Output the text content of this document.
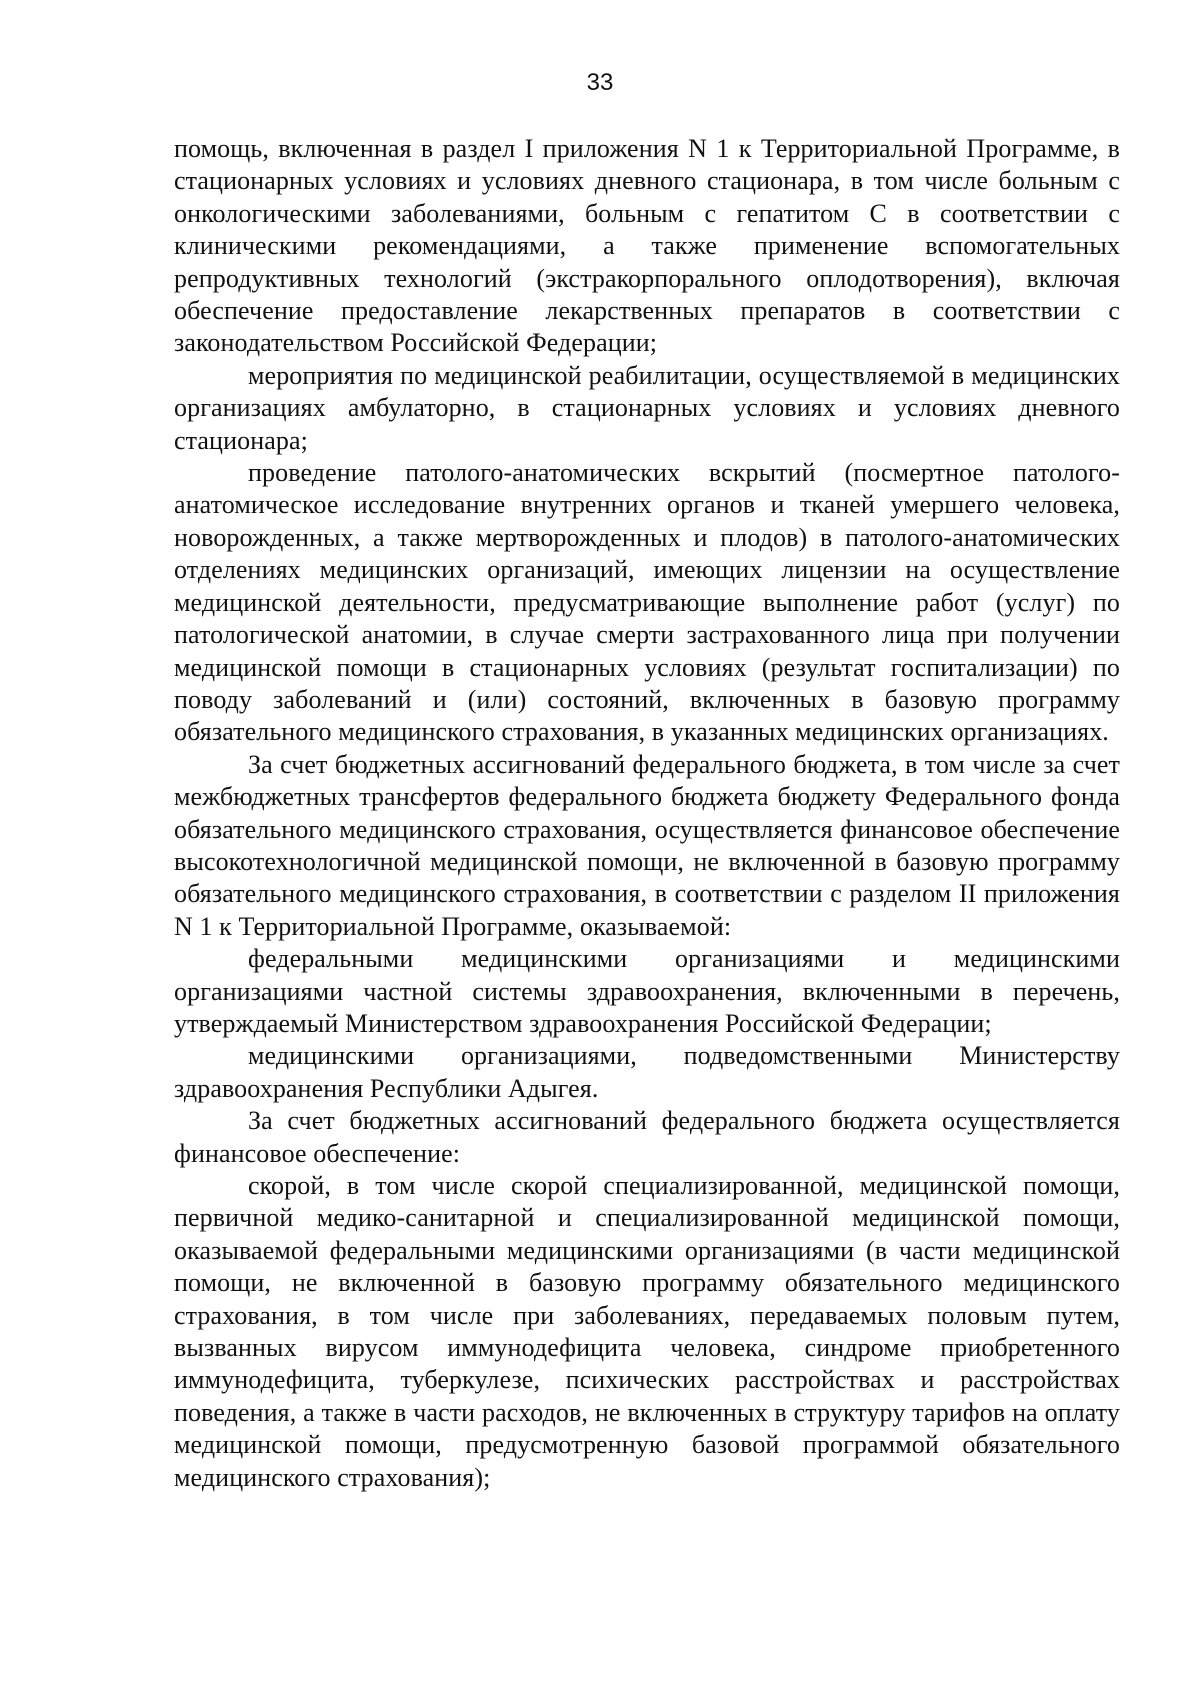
33

помощь, включенная в раздел I приложения N 1 к Территориальной Программе, в стационарных условиях и условиях дневного стационара, в том числе больным с онкологическими заболеваниями, больным с гепатитом C в соответствии с клиническими рекомендациями, а также применение вспомогательных репродуктивных технологий (экстракорпорального оплодотворения), включая обеспечение предоставление лекарственных препаратов в соответствии с законодательством Российской Федерации;

мероприятия по медицинской реабилитации, осуществляемой в медицинских организациях амбулаторно, в стационарных условиях и условиях дневного стационара;

проведение патолого-анатомических вскрытий (посмертное патолого-анатомическое исследование внутренних органов и тканей умершего человека, новорожденных, а также мертворожденных и плодов) в патолого-анатомических отделениях медицинских организаций, имеющих лицензии на осуществление медицинской деятельности, предусматривающие выполнение работ (услуг) по патологической анатомии, в случае смерти застрахованного лица при получении медицинской помощи в стационарных условиях (результат госпитализации) по поводу заболеваний и (или) состояний, включенных в базовую программу обязательного медицинского страхования, в указанных медицинских организациях.

За счет бюджетных ассигнований федерального бюджета, в том числе за счет межбюджетных трансфертов федерального бюджета бюджету Федерального фонда обязательного медицинского страхования, осуществляется финансовое обеспечение высокотехнологичной медицинской помощи, не включенной в базовую программу обязательного медицинского страхования, в соответствии с разделом II приложения N 1 к Территориальной Программе, оказываемой:

федеральными медицинскими организациями и медицинскими организациями частной системы здравоохранения, включенными в перечень, утверждаемый Министерством здравоохранения Российской Федерации;

медицинскими организациями, подведомственными Министерству здравоохранения Республики Адыгея.

За счет бюджетных ассигнований федерального бюджета осуществляется финансовое обеспечение:

скорой, в том числе скорой специализированной, медицинской помощи, первичной медико-санитарной и специализированной медицинской помощи, оказываемой федеральными медицинскими организациями (в части медицинской помощи, не включенной в базовую программу обязательного медицинского страхования, в том числе при заболеваниях, передаваемых половым путем, вызванных вирусом иммунодефицита человека, синдроме приобретенного иммунодефицита, туберкулезе, психических расстройствах и расстройствах поведения, а также в части расходов, не включенных в структуру тарифов на оплату медицинской помощи, предусмотренную базовой программой обязательного медицинского страхования);
